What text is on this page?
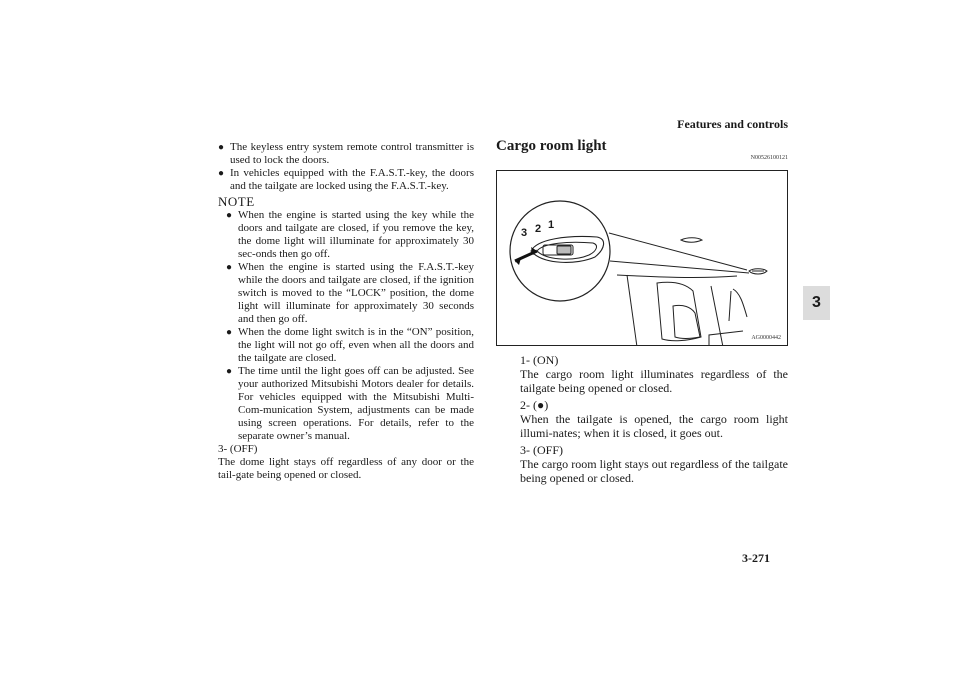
Features and controls
3
● The keyless entry system remote control transmitter is used to lock the doors.
● In vehicles equipped with the F.A.S.T.-key, the doors and the tailgate are locked using the F.A.S.T.-key.
NOTE
● When the engine is started using the key while the doors and tailgate are closed, if you remove the key, the dome light will illuminate for approximately 30 sec-onds then go off.
● When the engine is started using the F.A.S.T.-key while the doors and tailgate are closed, if the ignition switch is moved to the “LOCK” position, the dome light will illuminate for approximately 30 seconds and then go off.
● When the dome light switch is in the “ON” position, the light will not go off, even when all the doors and the tailgate are closed.
● The time until the light goes off can be adjusted. See your authorized Mitsubishi Motors dealer for details. For vehicles equipped with the Mitsubishi Multi-Com-munication System, adjustments can be made using screen operations. For details, refer to the separate owner’s manual.
3- (OFF)
The dome light stays off regardless of any door or the tail-gate being opened or closed.
Cargo room light
N00526100121
3 2 1
AG0000442
1- (ON)
The cargo room light illuminates regardless of the tailgate being opened or closed.
2- (●)
When the tailgate is opened, the cargo room light illumi-nates; when it is closed, it goes out.
3- (OFF)
The cargo room light stays out regardless of the tailgate being opened or closed.
3-271
